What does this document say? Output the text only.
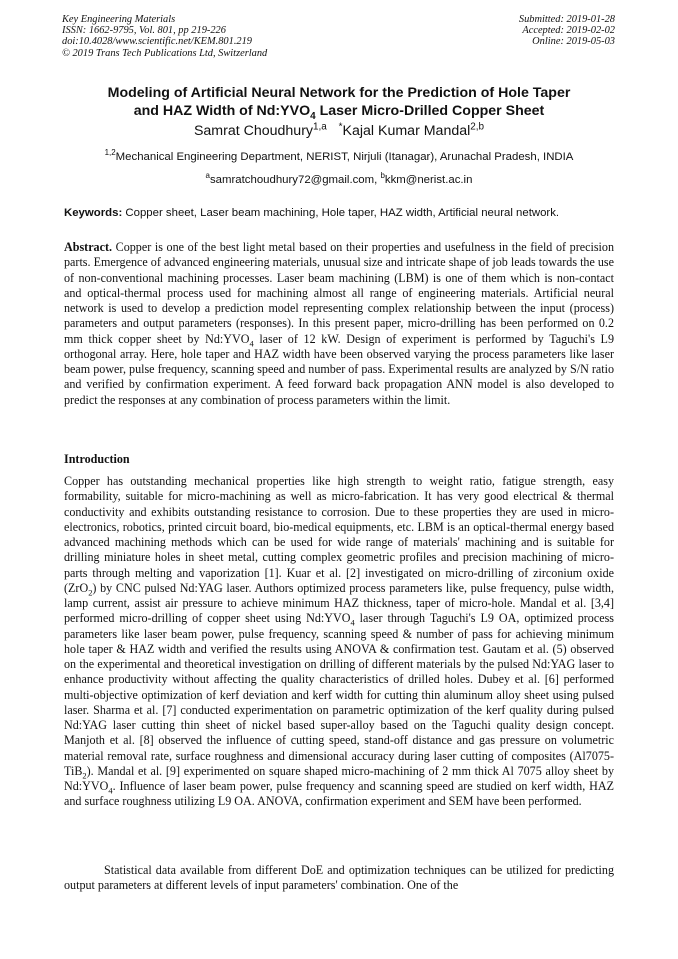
Key Engineering Materials
ISSN: 1662-9795, Vol. 801, pp 219-226
doi:10.4028/www.scientific.net/KEM.801.219
© 2019 Trans Tech Publications Ltd, Switzerland
Submitted: 2019-01-28
Accepted: 2019-02-02
Online: 2019-05-03
Modeling of Artificial Neural Network for the Prediction of Hole Taper
and HAZ Width of $Nd:YVO_4$ Laser Micro-Drilled Copper Sheet
Samrat Choudhury$^{1,a}$ *Kajal Kumar Mandal$^{2,b}$
$^{1,2}$Mechanical Engineering Department, NERIST, Nirjuli (Itanagar), Arunachal Pradesh, INDIA
$^a$samratchoudhury72@gmail.com, $^b$kkm@nerist.ac.in
Keywords: Copper sheet, Laser beam machining, Hole taper, HAZ width, Artificial neural network.

Abstract. Copper is one of the best light metal based on their properties and usefulness in the field of precision parts. Emergence of advanced engineering materials, unusual size and intricate shape of job leads towards the use of non-conventional machining processes. Laser beam machining (LBM) is one of them which is non-contact and optical-thermal process used for machining almost all range of engineering materials. Artificial neural network is used to develop a prediction model representing complex relationship between the input (process) parameters and output parameters (responses). In this present paper, micro-drilling has been performed on 0.2 mm thick copper sheet by $Nd:YVO_4$ laser of 12 kW. Design of experiment is performed by Taguchi's L9 orthogonal array. Here, hole taper and HAZ width have been observed varying the process parameters like laser beam power, pulse frequency, scanning speed and number of pass. Experimental results are analyzed by S/N ratio and verified by confirmation experiment. A feed forward back propagation ANN model is also developed to predict the responses at any combination of process parameters within the limit.

Introduction

Copper has outstanding mechanical properties like high strength to weight ratio, fatigue strength, easy formability, suitable for micro-machining as well as micro-fabrication. It has very good electrical & thermal conductivity and exhibits outstanding resistance to corrosion. Due to these properties they are used in micro-electronics, robotics, printed circuit board, bio-medical equipments, etc. LBM is an optical-thermal energy based advanced machining methods which can be used for wide range of materials' machining and is suitable for drilling miniature holes in sheet metal, cutting complex geometric profiles and precision machining of micro-parts through melting and vaporization [1]. Kuar et al. [2] investigated on micro-drilling of zirconium oxide (ZrO$_2$) by CNC pulsed Nd:YAG laser. Authors optimized process parameters like, pulse frequency, pulse width, lamp current, assist air pressure to achieve minimum HAZ thickness, taper of micro-hole. Mandal et al. [3,4] performed micro-drilling of copper sheet using $Nd:YVO_4$ laser through Taguchi's L9 OA, optimized process parameters like laser beam power, pulse frequency, scanning speed & number of pass for achieving minimum hole taper & HAZ width and verified the results using ANOVA & confirmation test. Gautam et al. (5) observed on the experimental and theoretical investigation on drilling of different materials by the pulsed Nd:YAG laser to enhance productivity without affecting the quality characteristics of drilled holes. Dubey et al. [6] performed multi-objective optimization of kerf deviation and kerf width for cutting thin aluminum alloy sheet using pulsed laser. Sharma et al. [7] conducted experimentation on parametric optimization of the kerf quality during pulsed Nd:YAG laser cutting thin sheet of nickel based super-alloy based on the Taguchi quality design concept. Manjoth et al. [8] observed the influence of cutting speed, stand-off distance and gas pressure on volumetric material removal rate, surface roughness and dimensional accuracy during laser cutting of composites (Al7075-TiB$_2$). Mandal et al. [9] experimented on square shaped micro-machining of 2 mm thick Al 7075 alloy sheet by $Nd:YVO_4$. Influence of laser beam power, pulse frequency and scanning speed are studied on kerf width, HAZ and surface roughness utilizing L9 OA. ANOVA, confirmation experiment and SEM have been performed.

Statistical data available from different DoE and optimization techniques can be utilized for predicting output parameters at different levels of input parameters' combination. One of the
